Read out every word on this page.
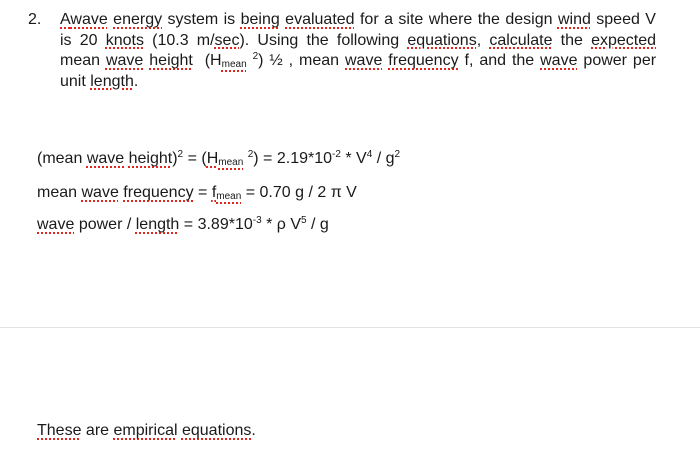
2. Awave energy system is being evaluated for a site where the design wind speed V is 20 knots (10.3 m/sec). Using the following equations, calculate the expected mean wave height ($H_{mean}$ $^2$) ½ , mean wave frequency f, and the wave power per unit length.
(mean wave height)$^2$ = ($H_{mean}$ $^2) = 2.19*10^{-2} * V^4 / g^2$
mean wave frequency = $f_{mean} = 0.70$ g / 2 π V
wave power / length = $3.89*10^{-3}$ * ρ $V^5$ / g
These are empirical equations.
